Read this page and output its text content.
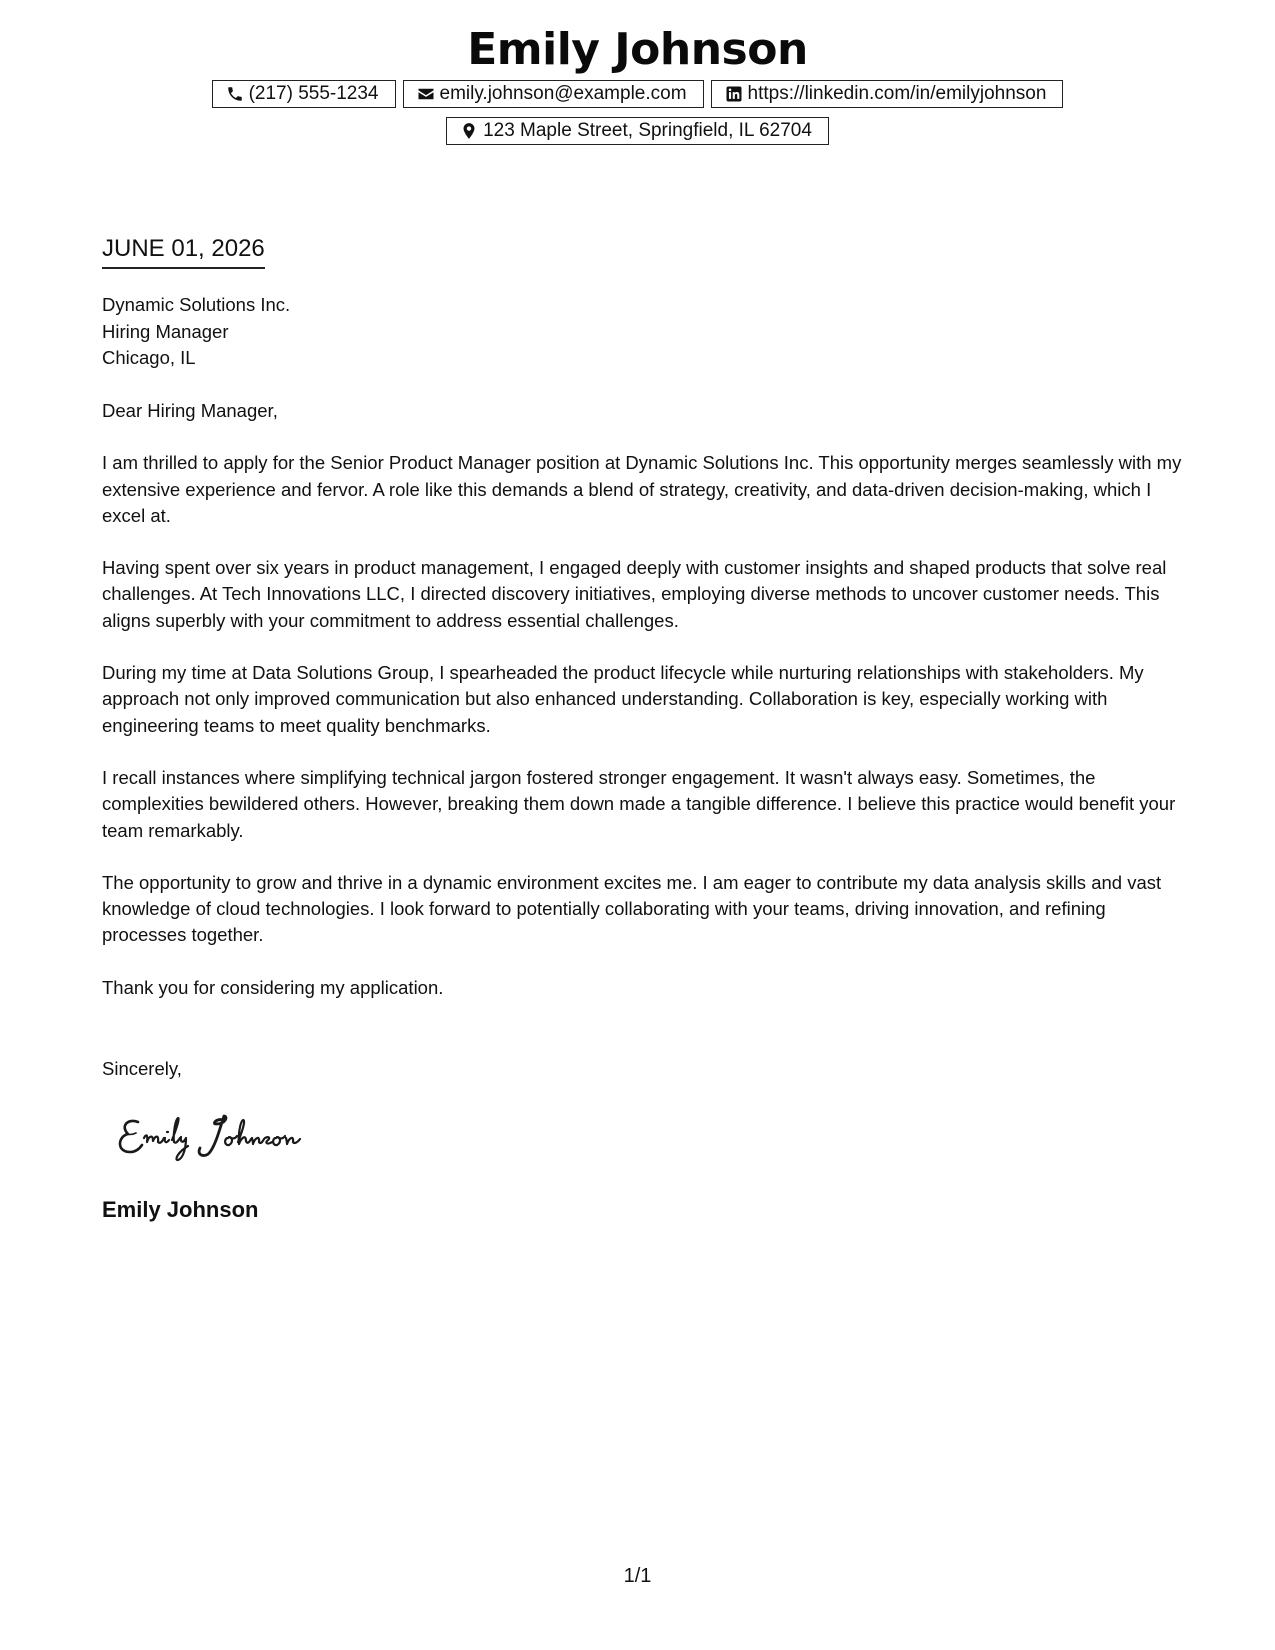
Emily Johnson
(217) 555-1234	emily.johnson@example.com	https://linkedin.com/in/emilyjohnson
123 Maple Street, Springfield, IL 62704
JUNE 01, 2026
Dynamic Solutions Inc.
Hiring Manager
Chicago, IL

Dear Hiring Manager,

I am thrilled to apply for the Senior Product Manager position at Dynamic Solutions Inc. This opportunity merges seamlessly with my extensive experience and fervor. A role like this demands a blend of strategy, creativity, and data-driven decision-making, which I excel at.

Having spent over six years in product management, I engaged deeply with customer insights and shaped products that solve real challenges. At Tech Innovations LLC, I directed discovery initiatives, employing diverse methods to uncover customer needs. This aligns superbly with your commitment to address essential challenges.

During my time at Data Solutions Group, I spearheaded the product lifecycle while nurturing relationships with stakeholders. My approach not only improved communication but also enhanced understanding. Collaboration is key, especially working with engineering teams to meet quality benchmarks.

I recall instances where simplifying technical jargon fostered stronger engagement. It wasn't always easy. Sometimes, the complexities bewildered others. However, breaking them down made a tangible difference. I believe this practice would benefit your team remarkably.

The opportunity to grow and thrive in a dynamic environment excites me. I am eager to contribute my data analysis skills and vast knowledge of cloud technologies. I look forward to potentially collaborating with your teams, driving innovation, and refining processes together.

Thank you for considering my application.

Sincerely,
Emily Johnson
Emily Johnson
1/1
